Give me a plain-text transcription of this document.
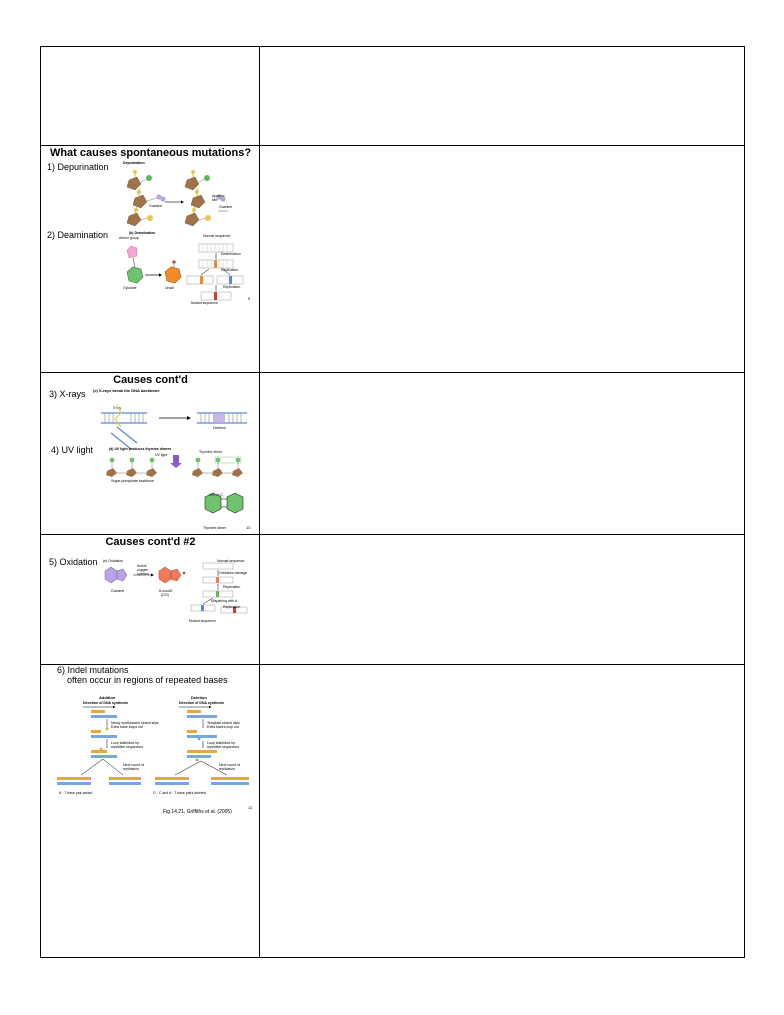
What causes spontaneous mutations?
1) Depurination
2) Deamination
Depurination
Apurinic
site
Guanine	Guanine
(b) Deamination
Amino group	Normal sequence
Deamination
Cytosine	Uracil
Replication
Replication
Mutant sequence
9
Causes cont'd
3) X-rays
4) UV light
(c) X-rays break the DNA backbone
X ray
Deletion
(d) UV light produces thymine dimers
UV light
Thymine dimer
Sugar-phosphate backbone
CH₃ H₃C
Thymine dimer	10
Causes cont'd #2
5) Oxidation (e) Oxidation
Active
oxygen
species
Guanine	8-oxodG
(GO)
Normal sequence
Oxidative damage
Replication
Mispairing with A
Replication
Mutant sequence
6) Indel mutations
often occur in regions of repeated bases
Addition	Deletion
Direction of DNA synthesis	Direction of DNA synthesis
Newly synthesized strand slips
Extra base loops out
Loop stabilized by
repetitive sequences
Next round of
replication
Template strand slips
Extra bases loop out
Loop stabilized by
repetitive sequences
Next round of
replication
A · T base pair added	G · C and A · T base pairs deleted
Fig.14.21, Griffiths et al. (2005)
12
